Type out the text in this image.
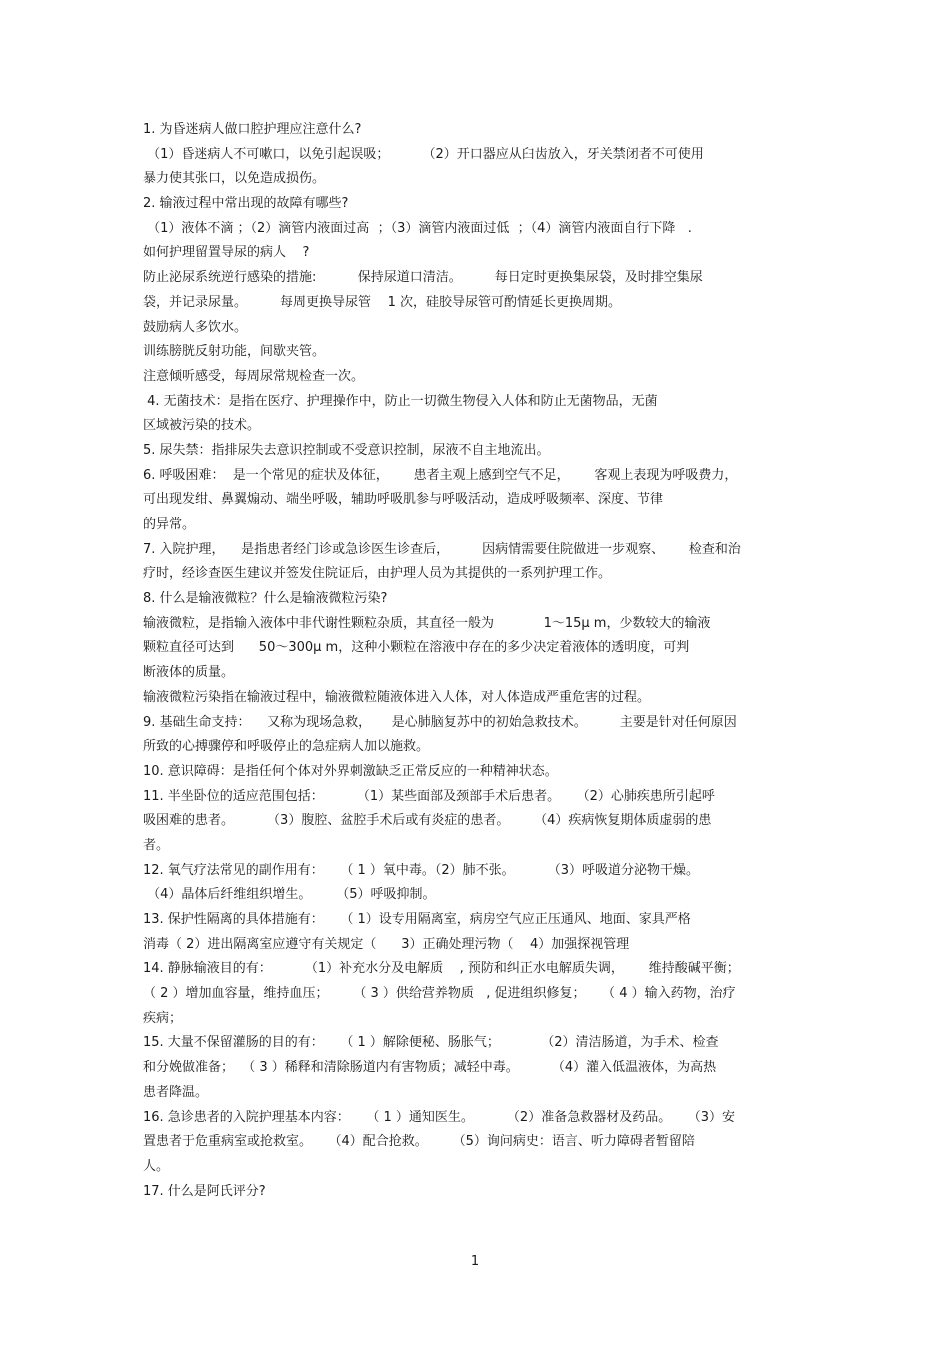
1. 为昏迷病人做口腔护理应注意什么?
（1）昏迷病人不可嗽口，以免引起误吸；        （2）开口器应从臼齿放入，牙关禁闭者不可使用
暴力使其张口，以免造成损伤。
2. 输液过程中常出现的故障有哪些?
（1）液体不滴 ；（2）滴管内液面过高  ；（3）滴管内液面过低  ；（4）滴管内液面自行下降   .
如何护理留置导尿的病人    ?
防止泌尿系统逆行感染的措施:          保持尿道口清洁。        每日定时更换集尿袋，及时排空集尿
袋，并记录尿量。        每周更换导尿管    1 次，硅胶导尿管可酌情延长更换周期。
鼓励病人多饮水。
训练膀胱反射功能，间歇夹管。
注意倾听感受，每周尿常规检查一次。
4. 无菌技术：是指在医疗、护理操作中，防止一切微生物侵入人体和防止无菌物品，无菌
区域被污染的技术。
5. 尿失禁：指排尿失去意识控制或不受意识控制，尿液不自主地流出。
6. 呼吸困难：  是一个常见的症状及体征，      患者主观上感到空气不足，      客观上表现为呼吸费力，
可出现发绀、鼻翼煽动、端坐呼吸，辅助呼吸肌参与呼吸活动，造成呼吸频率、深度、节律
的异常。
7. 入院护理，    是指患者经门诊或急诊医生诊查后，        因病情需要住院做进一步观察、      检查和治
疗时，经诊查医生建议并签发住院证后，由护理人员为其提供的一系列护理工作。
8. 什么是输液微粒？什么是输液微粒污染?
输液微粒，是指输入液体中非代谢性颗粒杂质，其直径一般为            1～15μ m，少数较大的输液
颗粒直径可达到      50～300μ m，这种小颗粒在溶液中存在的多少决定着液体的透明度，可判
断液体的质量。
输液微粒污染指在输液过程中，输液微粒随液体进入人体，对人体造成严重危害的过程。
9. 基础生命支持：    又称为现场急救，     是心肺脑复苏中的初始急救技术。        主要是针对任何原因
所致的心搏骤停和呼吸停止的急症病人加以施救。
10. 意识障碍：是指任何个体对外界刺激缺乏正常反应的一种精神状态。
11. 半坐卧位的适应范围包括：        （1）某些面部及颈部手术后患者。    （2）心肺疾患所引起呼
吸困难的患者。        （3）腹腔、盆腔手术后或有炎症的患者。      （4）疾病恢复期体质虚弱的患
者。
12. 氧气疗法常见的副作用有：    （ 1 ）氧中毒。（2）肺不张。        （3）呼吸道分泌物干燥。
（4）晶体后纤维组织增生。      （5）呼吸抑制。
13. 保护性隔离的具体措施有：    （ 1）设专用隔离室，病房空气应正压通风、地面、家具严格
消毒（ 2）进出隔离室应遵守有关规定（      3）正确处理污物（    4）加强探视管理
14. 静脉输液目的有：        （1）补充水分及电解质    , 预防和纠正水电解质失调，      维持酸碱平衡；
（ 2 ）增加血容量，维持血压；      （ 3 ）供给营养物质   , 促进组织修复；    （ 4 ）输入药物，治疗
疾病；
15. 大量不保留灌肠的目的有：    （ 1 ）解除便秘、肠胀气；          （2）清洁肠道，为手术、检查
和分娩做准备；  （ 3 ）稀释和清除肠道内有害物质；减轻中毒。        （4）灌入低温液体，为高热
患者降温。
16. 急诊患者的入院护理基本内容：    （ 1 ）通知医生。        （2）准备急救器材及药品。    （3）安
置患者于危重病室或抢救室。    （4）配合抢救。      （5）询问病史：语言、听力障碍者暂留陪
人。
17. 什么是阿氏评分?
1
